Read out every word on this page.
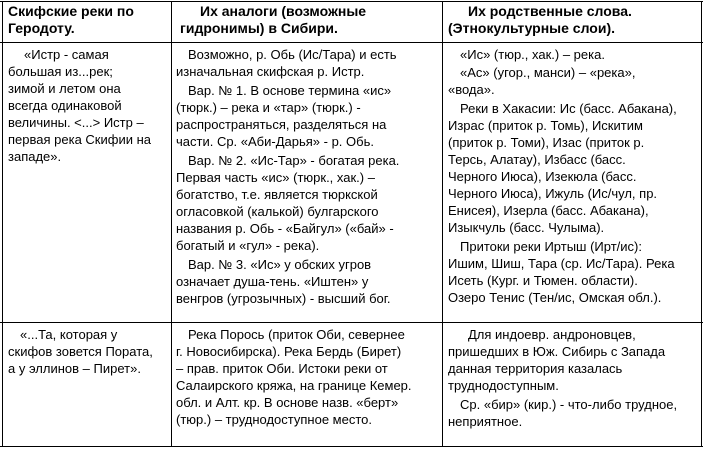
Скифские реки по
Геродоту.
Их аналоги (возможные
гидронимы) в Сибири.
Их родственные слова.
(Этнокультурные слои).
«Истр - самая
большая из...рек;
зимой и летом она
всегда одинаковой
величины. <...> Истр –
первая река Скифии на
западе».
Возможно, р. Обь (Ис/Тара) и есть
изначальная скифская р. Истр.
Вар. № 1. В основе термина «ис»
(тюрк.) – река и «тар» (тюрк.) -
распространяться, разделяться на
части. Ср. «Аби-Дарья» - р. Обь.
Вар. № 2. «Ис-Тар» - богатая река.
Первая часть «ис» (тюрк., хак.) –
богатство, т.е. является тюркской
огласовкой (калькой) булгарского
названия р. Обь - «Байгул» («бай» -
богатый и «гул» - река).
Вар. № 3. «Ис» у обских угров
означает душа-тень. «Иштен» у
венгров (угрозычных) - высший бог.
«Ис» (тюр., хак.) – река.
«Ас» (угор., манси) – «река»,
«вода».
Реки в Хакасии: Ис (басс. Абакана),
Израс (приток р. Томь), Искитим
(приток р. Томи), Изас (приток р.
Терсь, Алатау), Избасс (басс.
Черного Июса), Изекюла (басс.
Черного Июса), Ижуль (Ис/чул, пр.
Енисея), Изерла (басс. Абакана),
Изыкчуль (басс. Чулыма).
Притоки реки Иртыш (Ирт/ис):
Ишим, Шиш, Тара (ср. Ис/Тара). Река
Исеть (Кург. и Тюмен. области).
Озеро Тенис (Тен/ис, Омская обл.).
«...Та, которая у
скифов зовется Пората,
а у эллинов – Пирет».
Река Порось (приток Оби, севернее
г. Новосибирска). Река Бердь (Бирет)
– прав. приток Оби. Истоки реки от
Салаирского кряжа, на границе Кемер.
обл. и Алт. кр. В основе назв. «берт»
(тюр.) – труднодоступное место.
Для индоевр. андроновцев,
пришедших в Юж. Сибирь с Запада
данная территория казалась
труднодоступным.
Ср. «бир» (кир.) - что-либо трудное,
неприятное.
